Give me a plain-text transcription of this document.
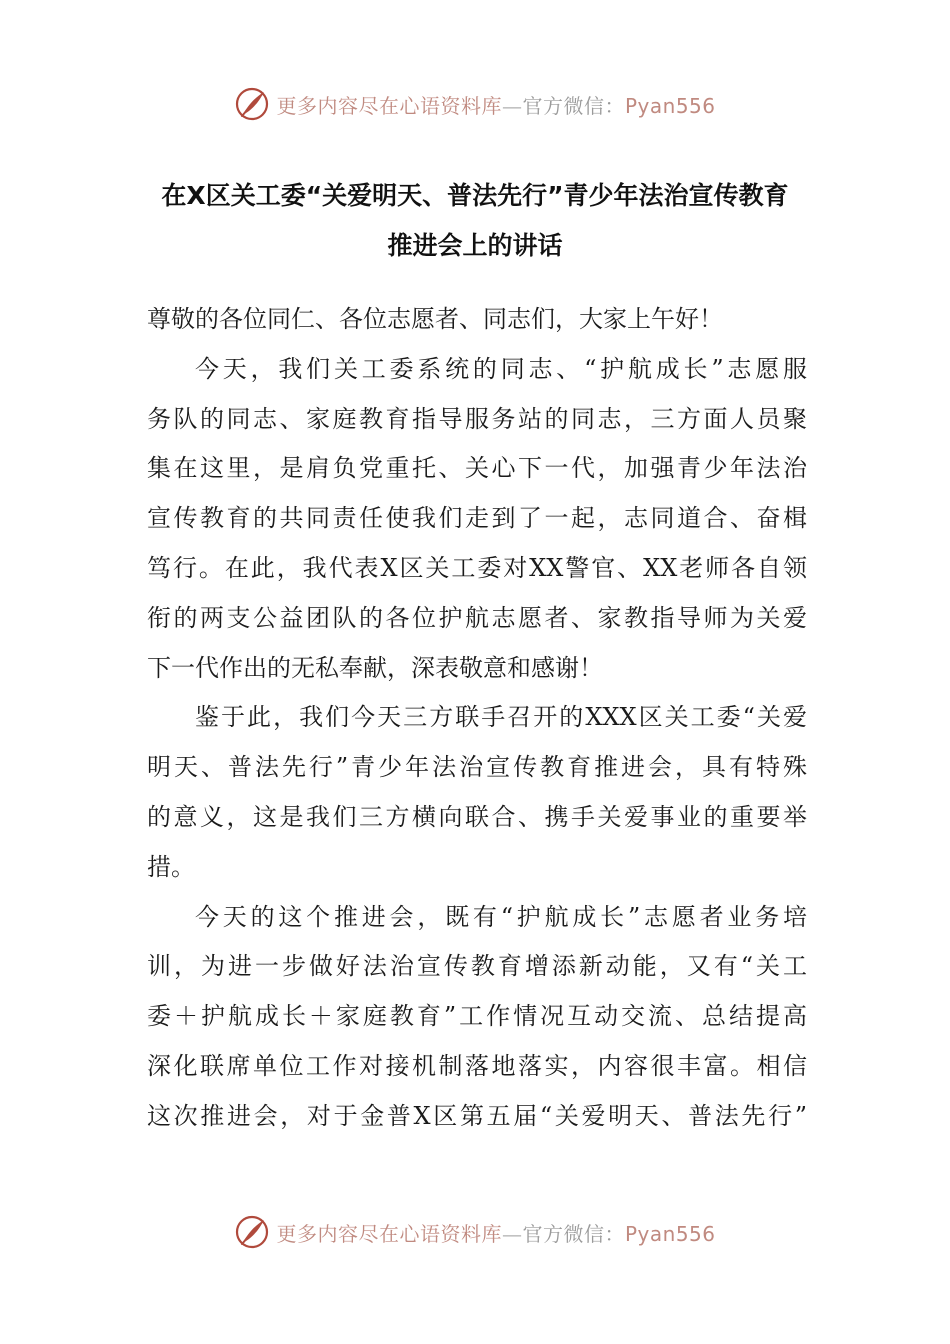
更多内容尽在心语资料库—官方微信：Pyan556
在X区关工委“关爱明天、普法先行”青少年法治宣传教育
推进会上的讲话
尊敬的各位同仁、各位志愿者、同志们，大家上午好！
今天，我们关工委系统的同志、“护航成长”志愿服
务队的同志、家庭教育指导服务站的同志，三方面人员聚
集在这里，是肩负党重托、关心下一代，加强青少年法治
宣传教育的共同责任使我们走到了一起，志同道合、奋楫
笃行。在此，我代表X区关工委对XX警官、XX老师各自领
衔的两支公益团队的各位护航志愿者、家教指导师为关爱
下一代作出的无私奉献，深表敬意和感谢！
鉴于此，我们今天三方联手召开的XXX区关工委“关爱
明天、普法先行”青少年法治宣传教育推进会，具有特殊
的意义，这是我们三方横向联合、携手关爱事业的重要举
措。
今天的这个推进会，既有“护航成长”志愿者业务培
训，为进一步做好法治宣传教育增添新动能，又有“关工
委＋护航成长＋家庭教育”工作情况互动交流、总结提高
深化联席单位工作对接机制落地落实，内容很丰富。相信
这次推进会，对于金普X区第五届“关爱明天、普法先行”
更多内容尽在心语资料库—官方微信：Pyan556
